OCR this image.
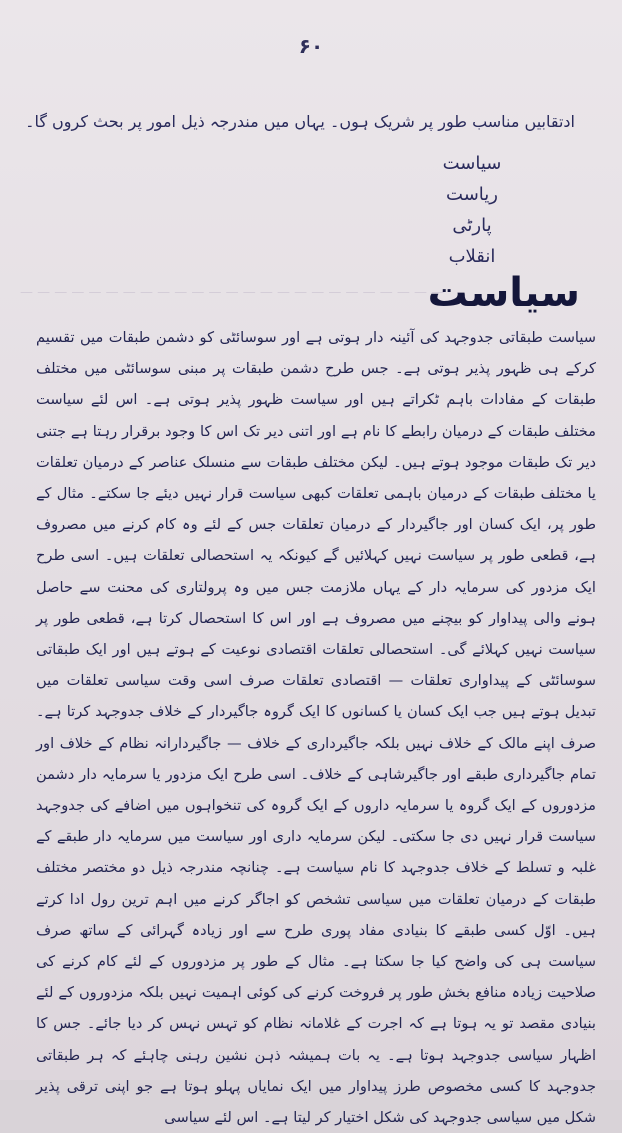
— — — — — — — — — — — — — — — — — — — — — — — — —
۶۰
ادتقابیں مناسب طور پر شریک ہوں۔ یہاں میں مندرجہ ذیل امور پر بحث کروں گا۔
سیاست
ریاست
پارٹی
انقلاب
سیاست

سیاست طبقاتی جدوجہد کی آئینہ دار ہوتی ہے اور سوسائٹی کو دشمن طبقات میں تقسیم کرکے ہی ظہور پذیر ہوتی ہے۔ جس طرح دشمن طبقات پر مبنی سوسائٹی میں مختلف طبقات کے مفادات باہم ٹکراتے ہیں اور سیاست ظہور پذیر ہوتی ہے۔ اس لئے سیاست مختلف طبقات کے درمیان رابطے کا نام ہے اور اتنی دیر تک اس کا وجود برقرار رہتا ہے جتنی دیر تک طبقات موجود ہوتے ہیں۔ لیکن مختلف طبقات سے منسلک عناصر کے درمیان تعلقات یا مختلف طبقات کے درمیان باہمی تعلقات کبھی سیاست قرار نہیں دیئے جا سکتے۔ مثال کے طور پر، ایک کسان اور جاگیردار کے درمیان تعلقات جس کے لئے وہ کام کرنے میں مصروف ہے، قطعی طور پر سیاست نہیں کہلائیں گے کیونکہ یہ استحصالی تعلقات ہیں۔ اسی طرح ایک مزدور کی سرمایہ دار کے یہاں ملازمت جس میں وہ پرولتاری کی محنت سے حاصل ہونے والی پیداوار کو بیچنے میں مصروف ہے اور اس کا استحصال کرتا ہے، قطعی طور پر سیاست نہیں کہلائے گی۔ استحصالی تعلقات اقتصادی نوعیت کے ہوتے ہیں اور ایک طبقاتی سوسائٹی کے پیداواری تعلقات — اقتصادی تعلقات صرف اسی وقت سیاسی تعلقات میں تبدیل ہوتے ہیں جب ایک کسان یا کسانوں کا ایک گروہ جاگیردار کے خلاف جدوجہد کرتا ہے۔ صرف اپنے مالک کے خلاف نہیں بلکہ جاگیرداری کے خلاف — جاگیردارانہ نظام کے خلاف اور تمام جاگیرداری طبقے اور جاگیرشاہی کے خلاف۔ اسی طرح ایک مزدور یا سرمایہ دار دشمن مزدوروں کے ایک گروہ یا سرمایہ داروں کے ایک گروہ کی تنخواہوں میں اضافے کی جدوجہد سیاست قرار نہیں دی جا سکتی۔ لیکن سرمایہ داری اور سیاست میں سرمایہ دار طبقے کے غلبہ و تسلط کے خلاف جدوجہد کا نام سیاست ہے۔ چنانچہ مندرجہ ذیل دو مختصر مختلف طبقات کے درمیان تعلقات میں سیاسی تشخص کو اجاگر کرنے میں اہم ترین رول ادا کرتے ہیں۔ اوّل کسی طبقے کا بنیادی مفاد پوری طرح سے اور زیادہ گہرائی کے ساتھ صرف سیاست ہی کی واضح کیا جا سکتا ہے۔ مثال کے طور پر مزدوروں کے لئے کام کرنے کی صلاحیت زیادہ منافع بخش طور پر فروخت کرنے کی کوئی اہمیت نہیں بلکہ مزدوروں کے لئے بنیادی مقصد تو یہ ہوتا ہے کہ اجرت کے غلامانہ نظام کو تہس نہس کر دیا جائے۔ جس کا اظہار سیاسی جدوجہد ہوتا ہے۔ یہ بات ہمیشہ ذہن نشین رہنی چاہئے کہ ہر طبقاتی جدوجہد کا کسی مخصوص طرز پیداوار میں ایک نمایاں پہلو ہوتا ہے جو اپنی ترقی پذیر شکل میں سیاسی جدوجہد کی شکل اختیار کر لیتا ہے۔ اس لئے سیاسی
